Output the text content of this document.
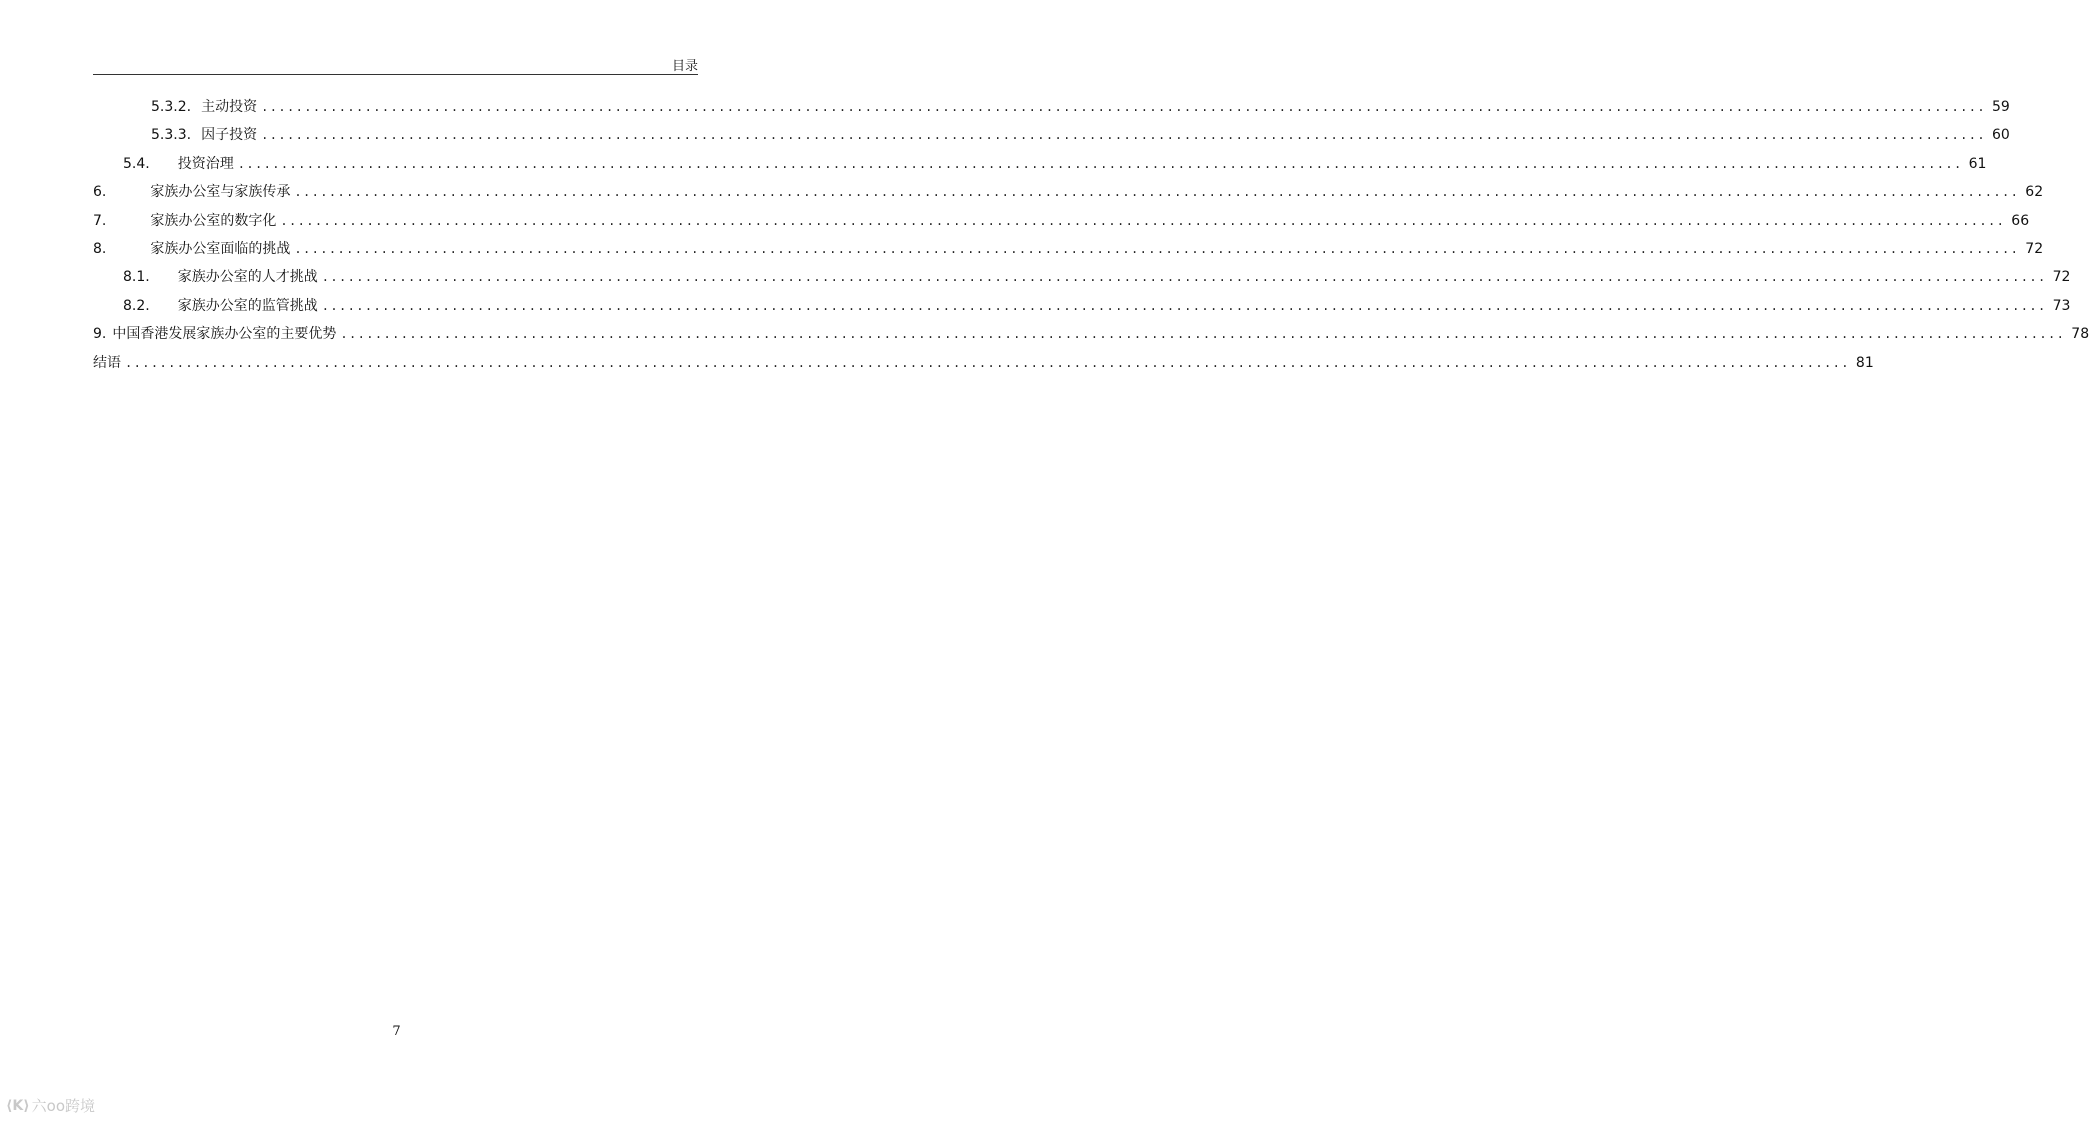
目录
5.3.2. 主动投资 ........................................................................................................................................................................................................ 59
5.3.3. 因子投资 ........................................................................................................................................................................................................ 60
5.4. 投资治理 ........................................................................................................................................................................................................ 61
6.	家族办公室与家族传承 ........................................................................................................................................................................................................ 62
7.	家族办公室的数字化 ........................................................................................................................................................................................................ 66
8.	家族办公室面临的挑战 ........................................................................................................................................................................................................ 72
8.1. 家族办公室的人才挑战 ........................................................................................................................................................................................................ 72
8.2. 家族办公室的监管挑战 ........................................................................................................................................................................................................ 73
9. 中国香港发展家族办公室的主要优势 ........................................................................................................................................................................................................ 78
结语 ........................................................................................................................................................................................................ 81
7
⟨K⟩ 六oo跨境
